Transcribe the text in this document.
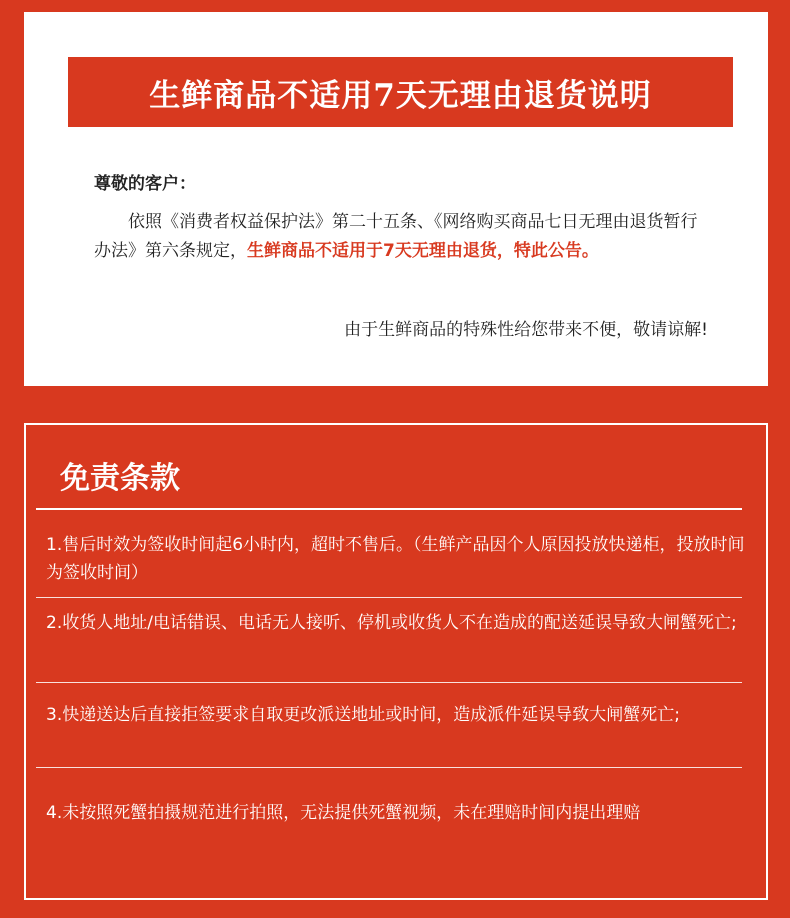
生鲜商品不适用7天无理由退货说明
尊敬的客户：
依照《消费者权益保护法》第二十五条、《网络购买商品七日无理由退货暂行办法》第六条规定，生鲜商品不适用于7天无理由退货，特此公告。
由于生鲜商品的特殊性给您带来不便，敬请谅解!
免责条款
1.售后时效为签收时间起6小时内，超时不售后。（生鲜产品因个人原因投放快递柜，投放时间为签收时间）
2.收货人地址/电话错误、电话无人接听、停机或收货人不在造成的配送延误导致大闸蟹死亡;
3.快递送达后直接拒签要求自取更改派送地址或时间，造成派件延误导致大闸蟹死亡;
4.未按照死蟹拍摄规范进行拍照，无法提供死蟹视频，未在理赔时间内提出理赔
